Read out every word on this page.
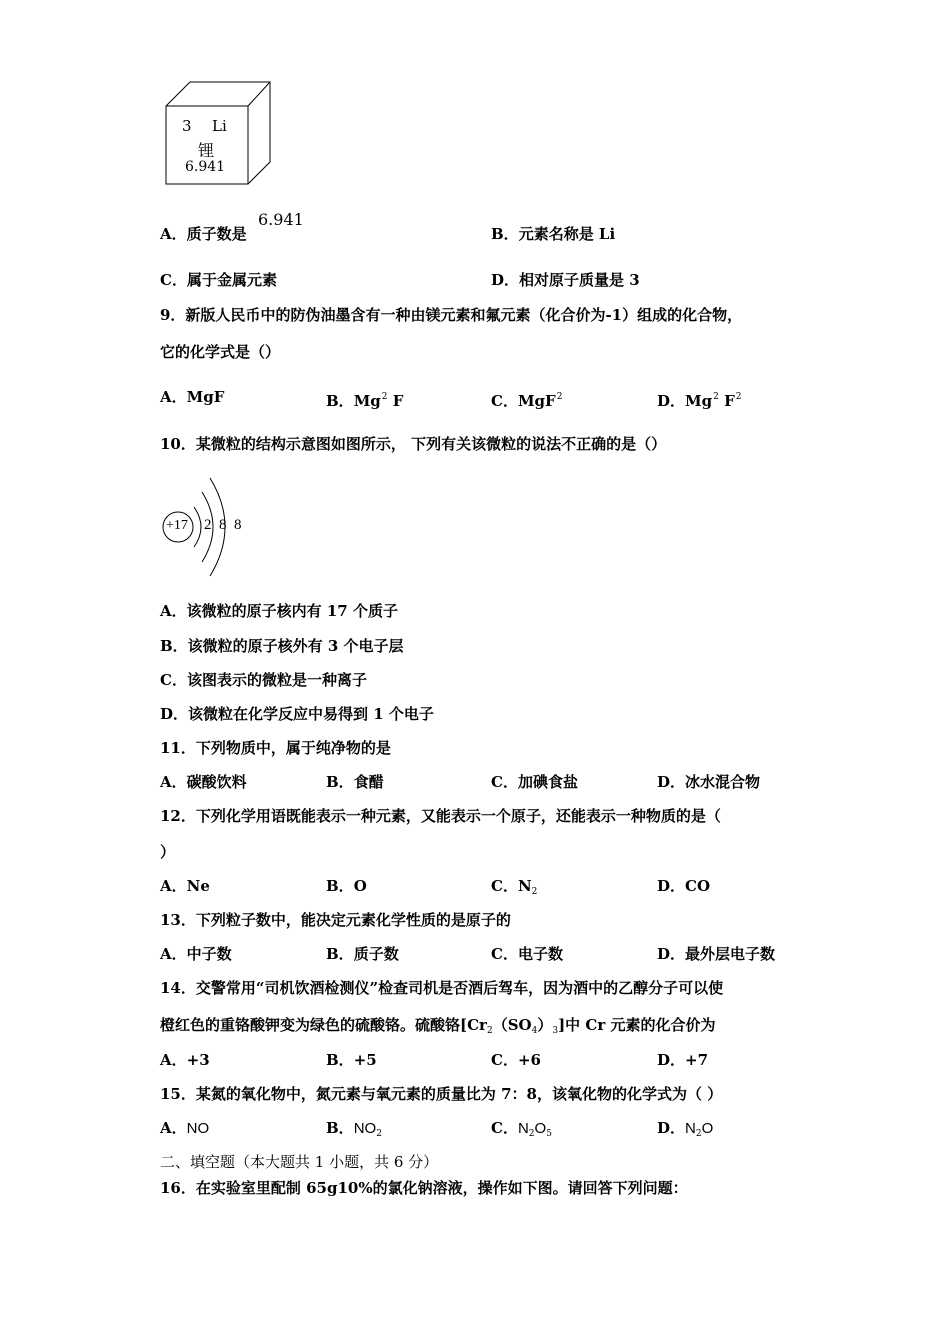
3 Li
锂
6.941
A．质子数是
6.941
B．元素名称是 Li
C．属于金属元素	D．相对原子质量是 3
9．新版人民币中的防伪油墨含有一种由镁元素和氟元素（化合价为-1）组成的化合物，
它的化学式是（）
A．MgF	B．Mg$^2$ F	C．MgF$^2$	D．Mg$^2$ $F^2$
10．某微粒的结构示意图如图所示， 下列有关该微粒的说法不正确的是（）
+17 2 8 8
A．该微粒的原子核内有 17 个质子
B．该微粒的原子核外有 3 个电子层
C．该图表示的微粒是一种离子
D．该微粒在化学反应中易得到 1 个电子
11．下列物质中，属于纯净物的是
A．碳酸饮料	B．食醋	C．加碘食盐	D．冰水混合物
12．下列化学用语既能表示一种元素，又能表示一个原子，还能表示一种物质的是（
）
A．Ne	B．O	C．$N_2$	D．CO
13．下列粒子数中，能决定元素化学性质的是原子的
A．中子数	B．质子数	C．电子数	D．最外层电子数
14．交警常用“司机饮酒检测仪”检查司机是否酒后驾车，因为酒中的乙醇分子可以使
橙红色的重铬酸钾变为绿色的硫酸铬。硫酸铬$[Cr_2(SO_4)_3]$中 Cr 元素的化合价为
A．+3	B．+5	C．+6	D．+7
15．某氮的氧化物中，氮元素与氧元素的质量比为 7：8，该氧化物的化学式为（ ）
A．NO	B．$NO_2$	C．$N_2O_5$	D．$N_2O$
二、填空题（本大题共 1 小题，共 6 分）
16．在实验室里配制 65g10%的氯化钠溶液，操作如下图。请回答下列问题：
